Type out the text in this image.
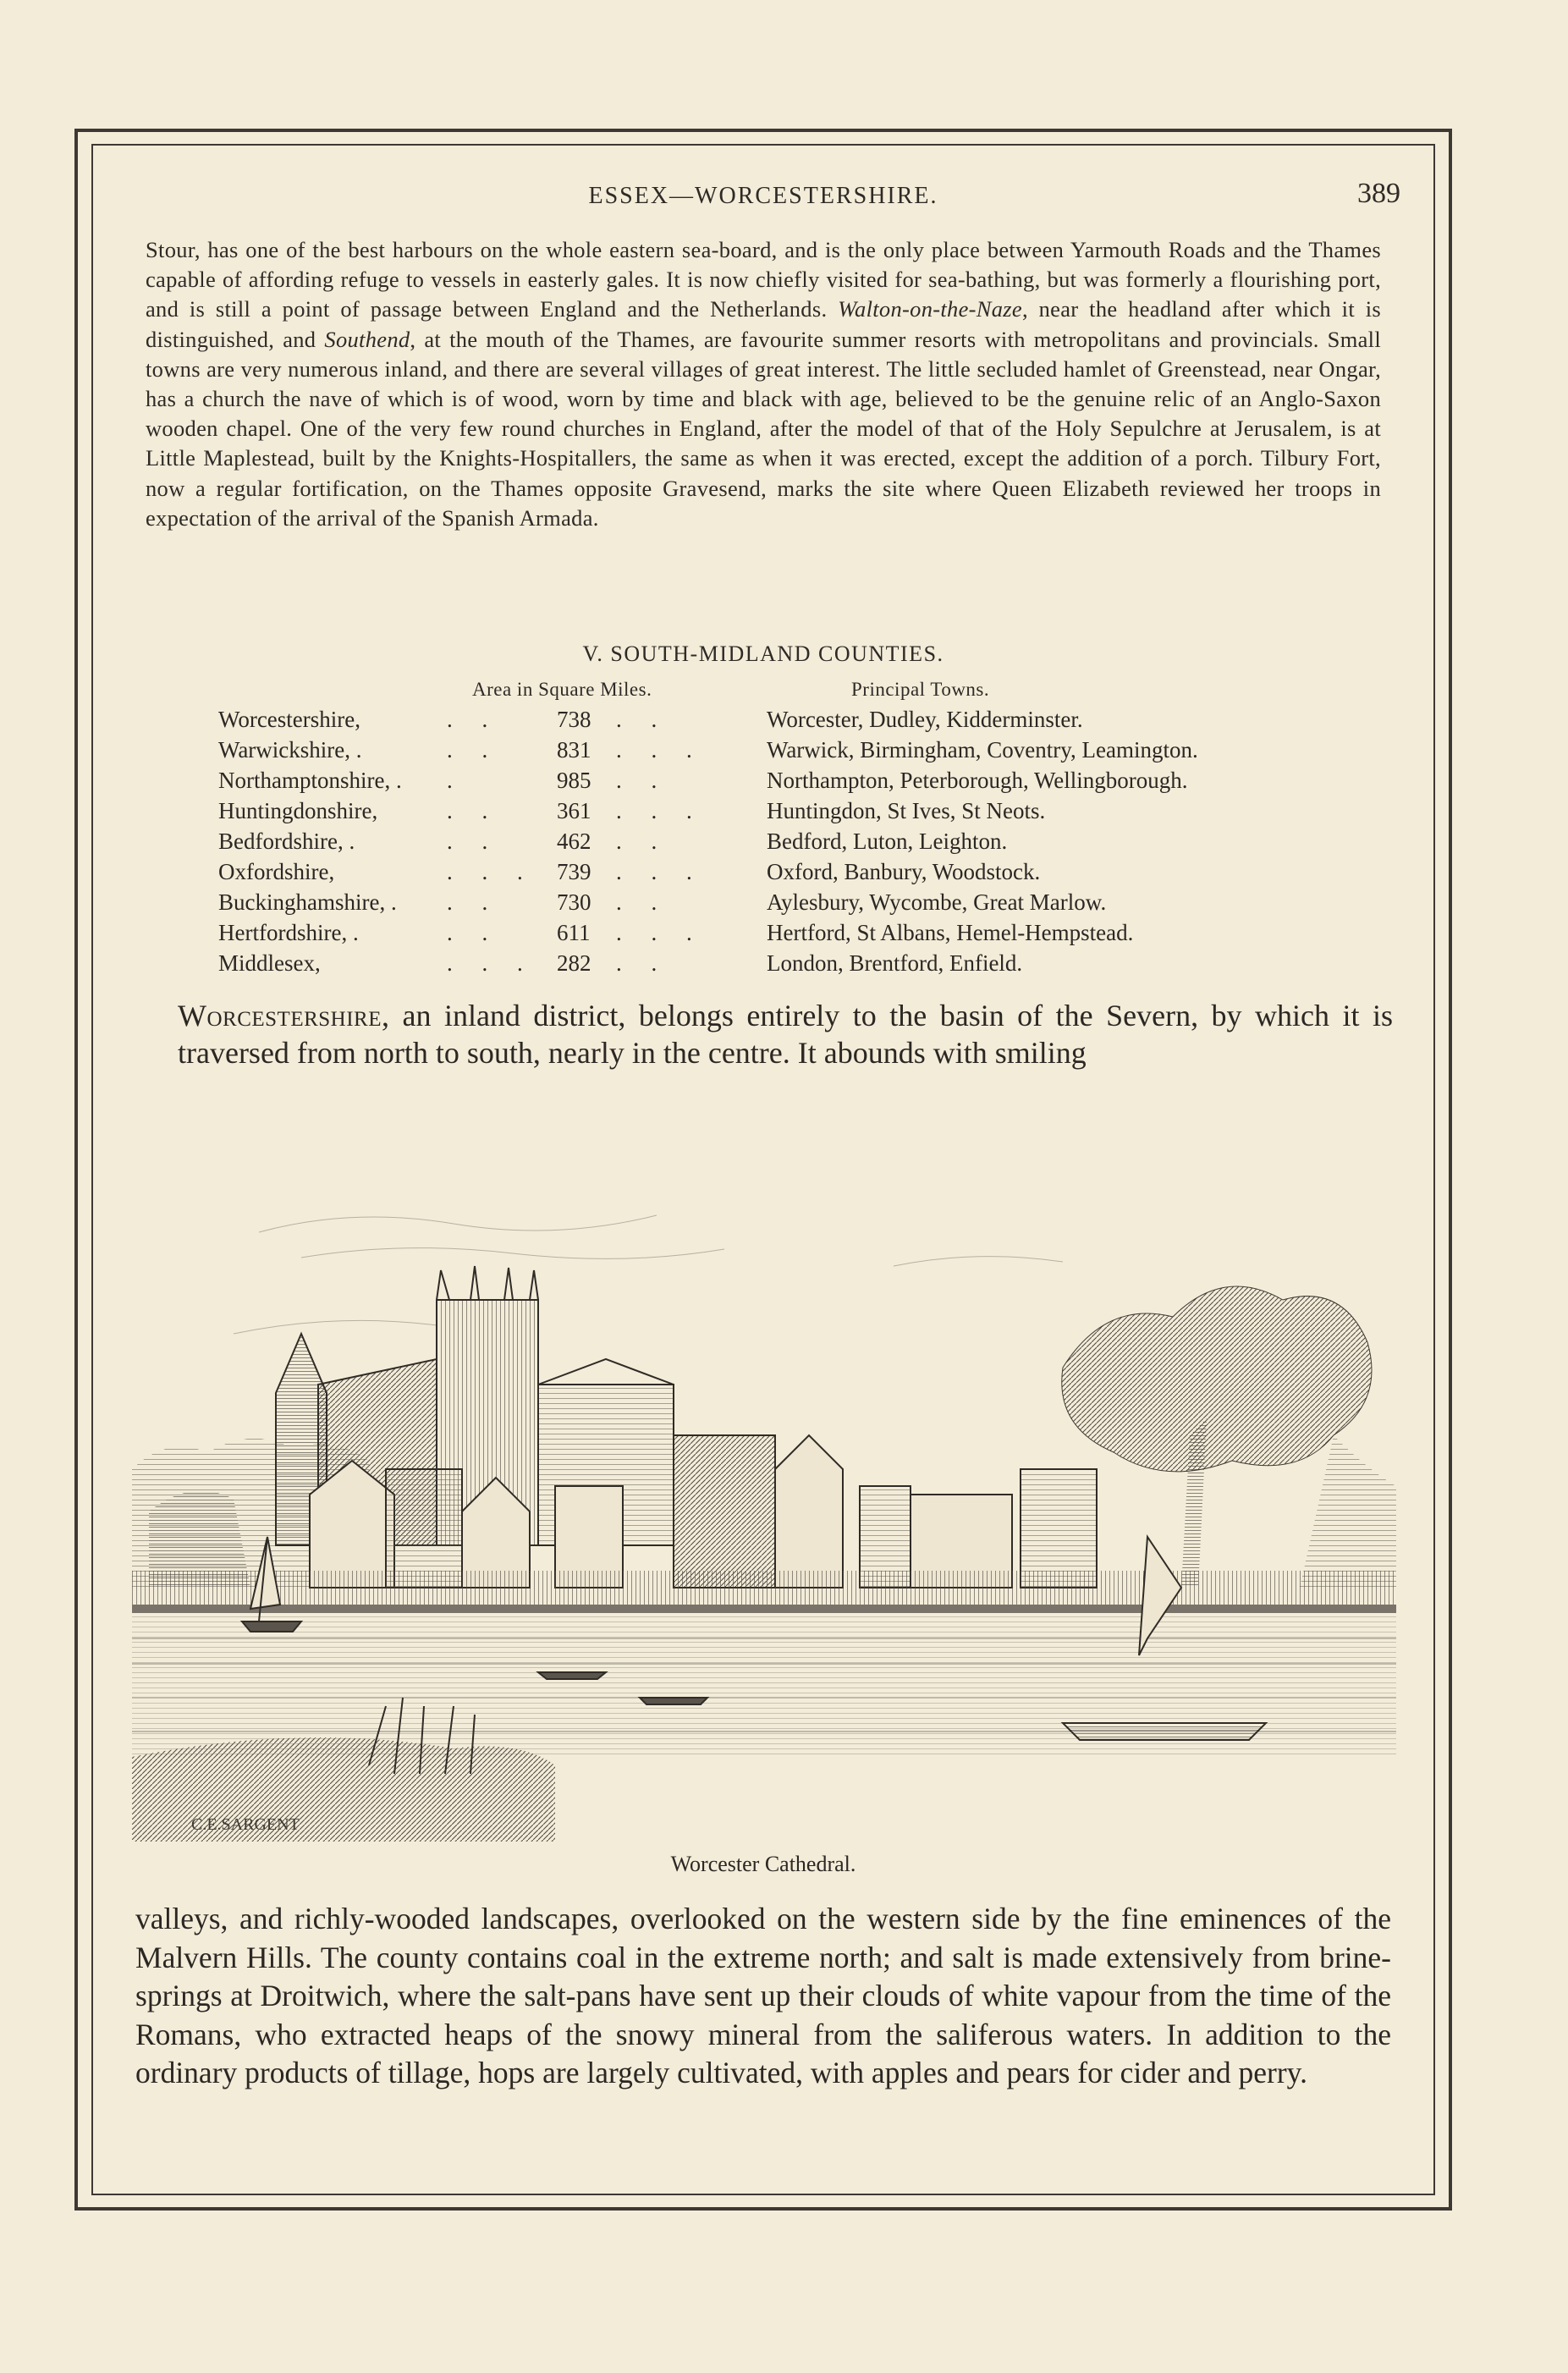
ESSEX—WORCESTERSHIRE.	389

Stour, has one of the best harbours on the whole eastern sea-board, and is the only place between Yarmouth Roads and the Thames capable of affording refuge to vessels in easterly gales. It is now chiefly visited for sea-bathing, but was formerly a flourishing port, and is still a point of passage between England and the Netherlands. Walton-on-the-Naze, near the headland after which it is distinguished, and Southend, at the mouth of the Thames, are favourite summer resorts with metropolitans and provincials. Small towns are very numerous inland, and there are several villages of great interest. The little secluded hamlet of Greenstead, near Ongar, has a church the nave of which is of wood, worn by time and black with age, believed to be the genuine relic of an Anglo-Saxon wooden chapel. One of the very few round churches in England, after the model of that of the Holy Sepulchre at Jerusalem, is at Little Maplestead, built by the Knights-Hospitallers, the same as when it was erected, except the addition of a porch. Tilbury Fort, now a regular fortification, on the Thames opposite Gravesend, marks the site where Queen Elizabeth reviewed her troops in expectation of the arrival of the Spanish Armada.

V. SOUTH-MIDLAND COUNTIES.
Area in Square Miles.	Principal Towns.
Worcestershire,	. .	738 . .	Worcester, Dudley, Kidderminster.
Warwickshire, .	. .	831 . . .	Warwick, Birmingham, Coventry, Leamington.
Northamptonshire, . .	985 . .	Northampton, Peterborough, Wellingborough.
Huntingdonshire,	. .	361 . . .	Huntingdon, St Ives, St Neots.
Bedfordshire, .	. .	462 . .	Bedford, Luton, Leighton.
Oxfordshire,	. . . 739 . . .	Oxford, Banbury, Woodstock.
Buckinghamshire, . . .	730 . .	Aylesbury, Wycombe, Great Marlow.
Hertfordshire, .	. .	611 . . .	Hertford, St Albans, Hemel-Hempstead.
Middlesex,	. . . 282 . .	London, Brentford, Enfield.
Worcestershire, an inland district, belongs entirely to the basin of the Severn, by which it is traversed from north to south, nearly in the centre. It abounds with smiling
C.E.SARGENT
Worcester Cathedral.
valleys, and richly-wooded landscapes, overlooked on the western side by the fine eminences of the Malvern Hills. The county contains coal in the extreme north; and salt is made extensively from brine-springs at Droitwich, where the salt-pans have sent up their clouds of white vapour from the time of the Romans, who extracted heaps of the snowy mineral from the saliferous waters. In addition to the ordinary products of tillage, hops are largely cultivated, with apples and pears for cider and perry.
